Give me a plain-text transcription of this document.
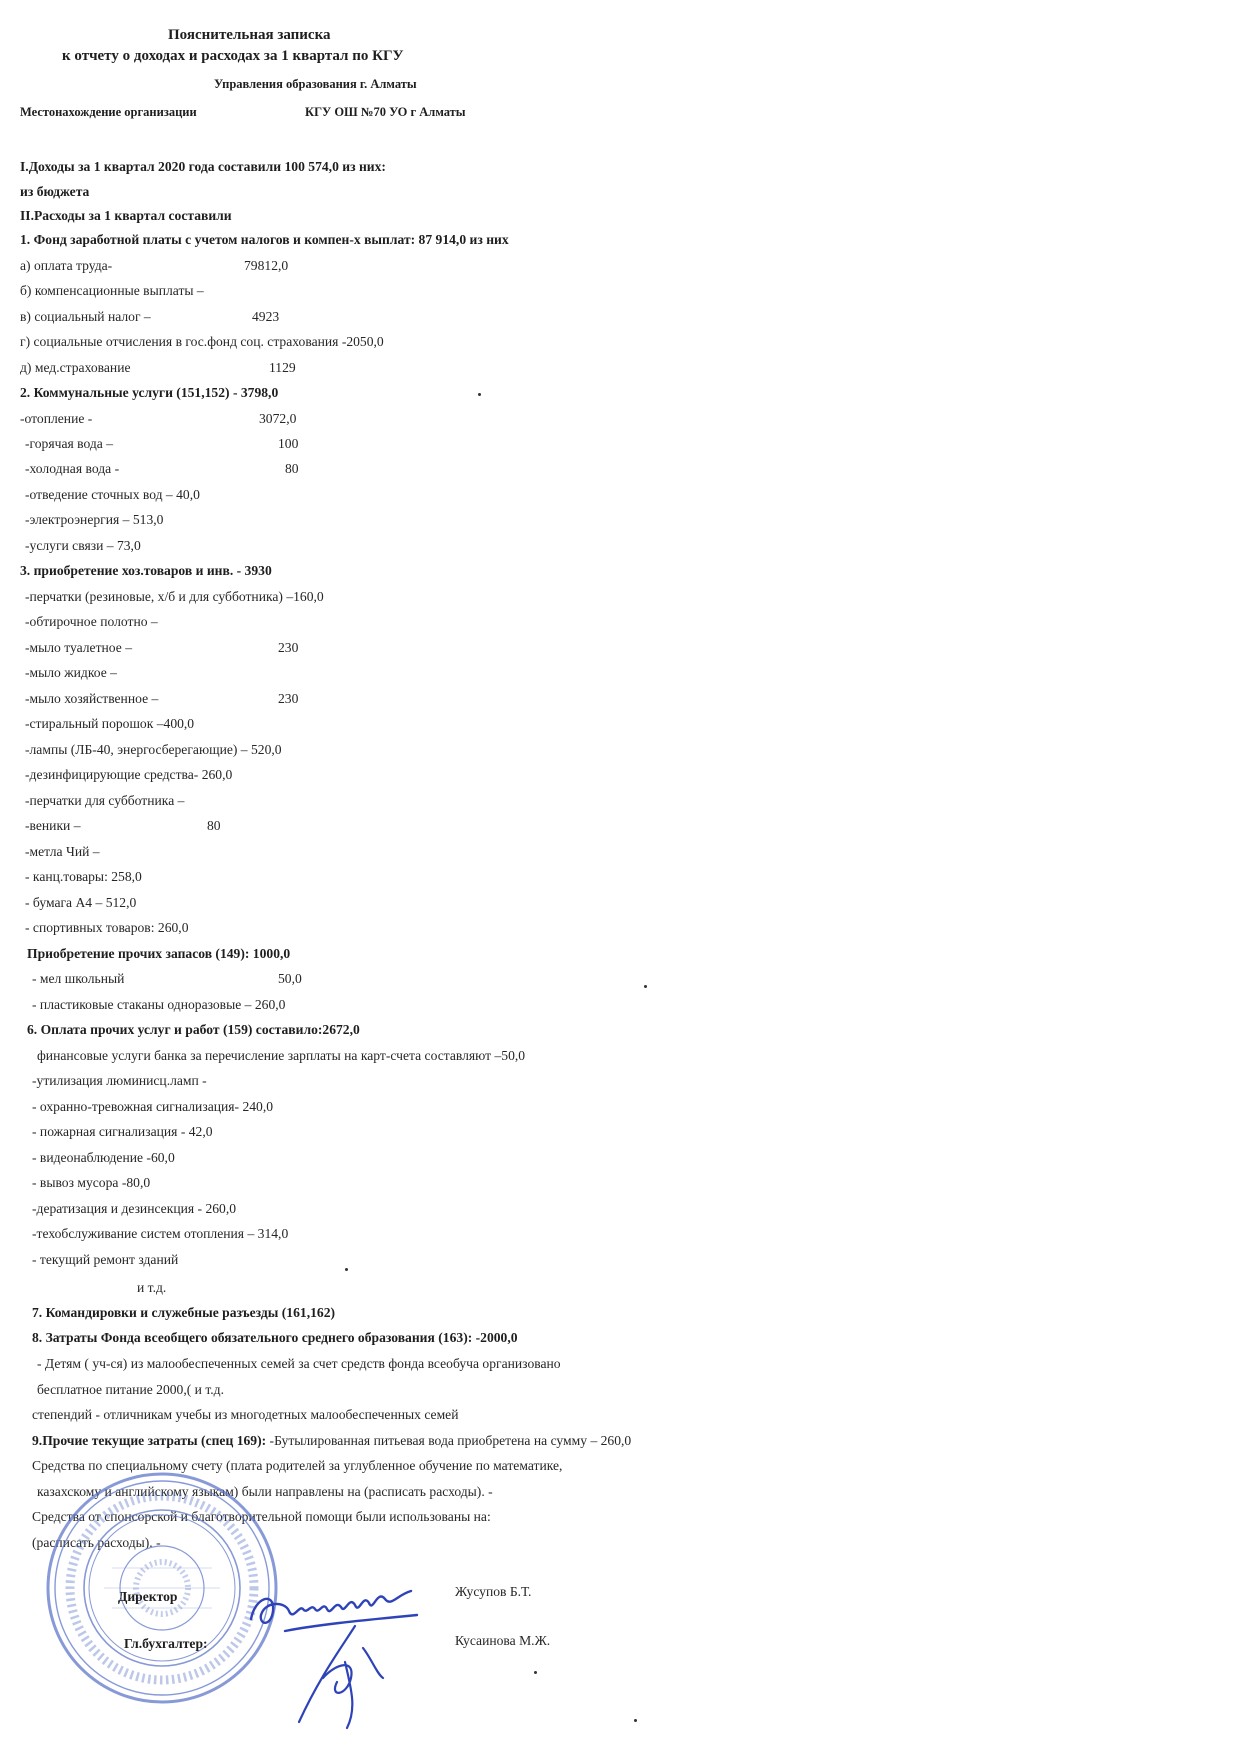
Пояснительная записка
к отчету о доходах и расходах за 1 квартал по КГУ
Управления образования г. Алматы
Местонахождение организации	КГУ ОШ №70 УО г Алматы
I.Доходы за 1 квартал 2020 года составили 100 574,0 из них:
из бюджета
II.Расходы за 1 квартал составили
1. Фонд заработной платы с учетом налогов и компен-х выплат: 87 914,0 из них
а) оплата труда-	79812,0
б) компенсационные выплаты –
в) социальный налог –	4923
г) социальные отчисления в гос.фонд соц. страхования -2050,0
д) мед.страхование	1129
2. Коммунальные услуги (151,152) - 3798,0
-отопление -	3072,0
-горячая вода –	100
-холодная вода -	80
-отведение сточных вод – 40,0
-электроэнергия – 513,0
-услуги связи – 73,0
3. приобретение хоз.товаров и инв. - 3930
-перчатки (резиновые, х/б и для субботника) –160,0
-обтирочное полотно –
-мыло туалетное –	230
-мыло жидкое –
-мыло хозяйственное –	230
-стиральный порошок –400,0
-лампы (ЛБ-40, энергосберегающие) – 520,0
-дезинфицирующие средства- 260,0
-перчатки для субботника –
-веники –	80
-метла Чий –
- канц.товары: 258,0
- бумага А4 – 512,0
- спортивных товаров: 260,0
Приобретение прочих запасов (149): 1000,0
- мел школьный	50,0
- пластиковые стаканы одноразовые – 260,0
6. Оплата прочих услуг и работ (159) составило:2672,0
финансовые услуги банка за перечисление зарплаты на карт-счета составляют –50,0
-утилизация люминисц.ламп -
- охранно-тревожная сигнализация- 240,0
- пожарная сигнализация - 42,0
- видеонаблюдение -60,0
- вывоз мусора -80,0
-дератизация и дезинсекция - 260,0
-техобслуживание систем отопления – 314,0
- текущий ремонт зданий
и т.д.
7. Командировки и служебные разъезды (161,162)
8. Затраты Фонда всеобщего обязательного среднего образования (163): -2000,0
- Детям ( уч-ся) из малообеспеченных семей за счет средств фонда всеобуча организовано
бесплатное питание 2000,( и т.д.
степендий - отличникам учебы из многодетных малообеспеченных семей
9.Прочие текущие затраты (спец 169): -Бутылированная питьевая вода приобретена на сумму – 260,0
Средства по специальному счету (плата родителей за углубленное обучение по математике,
казахскому и английскому языкам) были направлены на (расписать расходы). -
Средства от спонсорской и благотворительной помощи были использованы на:
(расписать расходы). -
Директор	Жусупов Б.Т.
Гл.бухгалтер:	Кусаинова М.Ж.
